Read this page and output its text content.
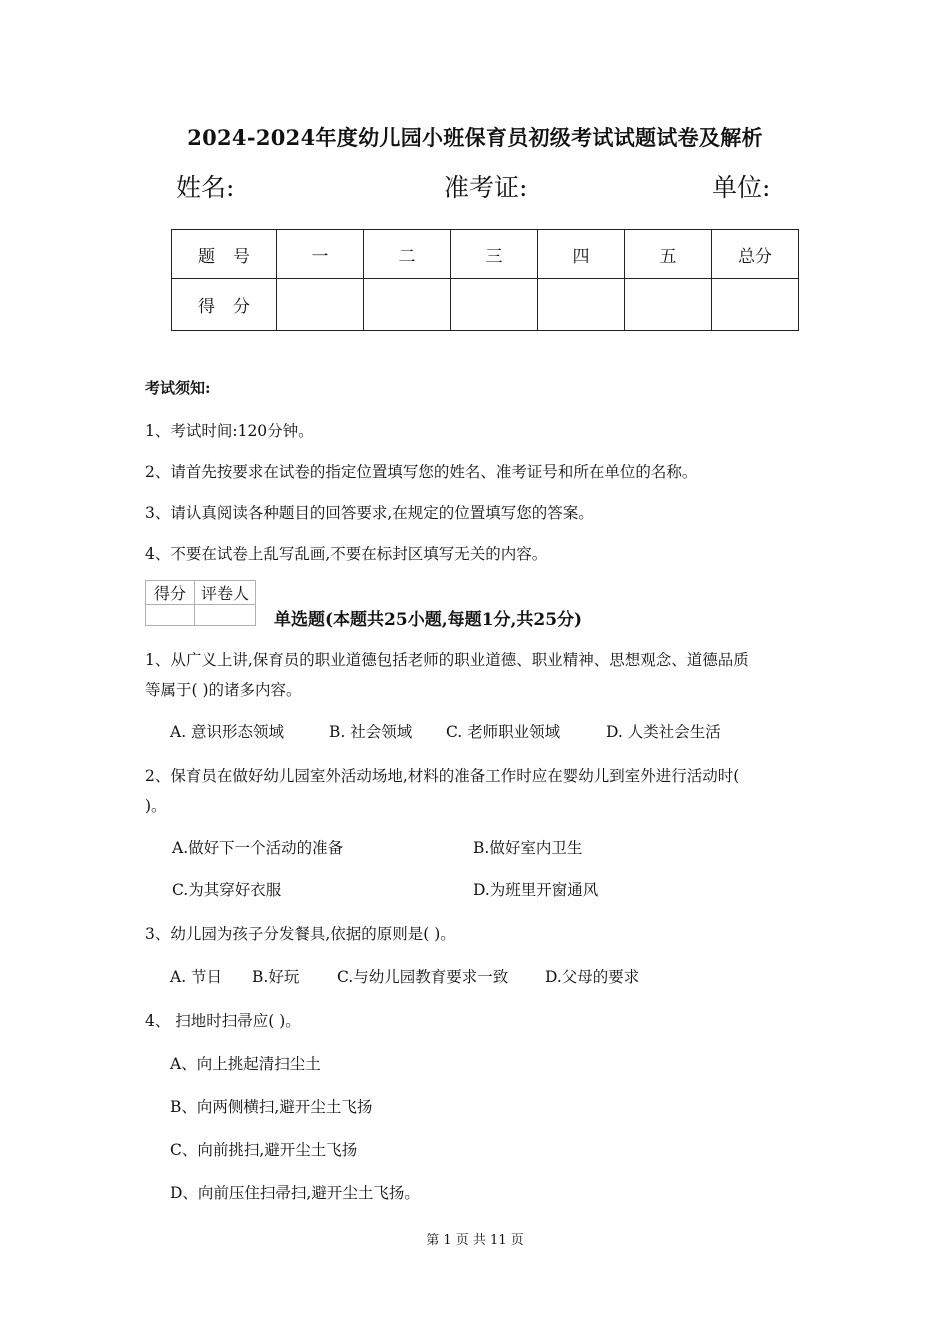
2024-2024年度幼儿园小班保育员初级考试试题试卷及解析
姓名:	准考证:	单位:
题号	一	二	三	四	五	总分
得分						
考试须知:
1、考试时间:120分钟。
2、请首先按要求在试卷的指定位置填写您的姓名、准考证号和所在单位的名称。
3、请认真阅读各种题目的回答要求,在规定的位置填写您的答案。
4、不要在试卷上乱写乱画,不要在标封区填写无关的内容。
得分	评卷人

单选题(本题共25小题,每题1分,共25分)
1、从广义上讲,保育员的职业道德包括老师的职业道德、职业精神、思想观念、道德品质
等属于( )的诸多内容。
A. 意识形态领域	B. 社会领域 C. 老师职业领域	D. 人类社会生活
2、保育员在做好幼儿园室外活动场地,材料的准备工作时应在婴幼儿到室外进行活动时(
)。
A.做好下一个活动的准备	B.做好室内卫生
C.为其穿好衣服	D.为班里开窗通风
3、幼儿园为孩子分发餐具,依据的原则是( )。
A. 节日 B.好玩 C.与幼儿园教育要求一致 D.父母的要求
4、 扫地时扫帚应( )。
A、向上挑起清扫尘土
B、向两侧横扫,避开尘土飞扬
C、向前挑扫,避开尘土飞扬
D、向前压住扫帚扫,避开尘土飞扬。
第 1 页 共 11 页
